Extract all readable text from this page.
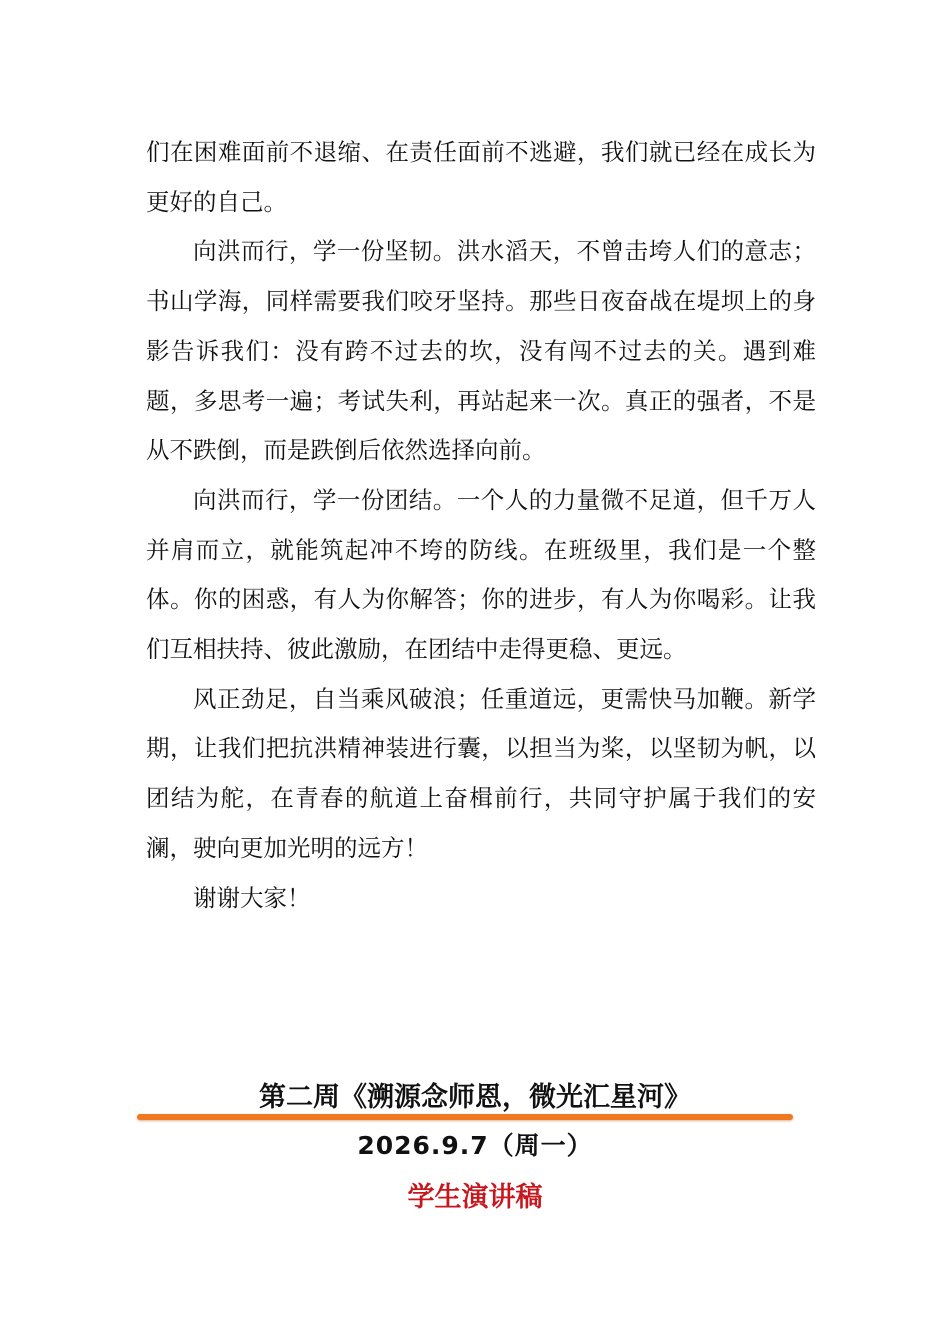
们在困难面前不退缩、在责任面前不逃避，我们就已经在成长为更好的自己。

向洪而行，学一份坚韧。洪水滔天，不曾击垮人们的意志；书山学海，同样需要我们咬牙坚持。那些日夜奋战在堤坝上的身影告诉我们：没有跨不过去的坎，没有闯不过去的关。遇到难题，多思考一遍；考试失利，再站起来一次。真正的强者，不是从不跌倒，而是跌倒后依然选择向前。

向洪而行，学一份团结。一个人的力量微不足道，但千万人并肩而立，就能筑起冲不垮的防线。在班级里，我们是一个整体。你的困惑，有人为你解答；你的进步，有人为你喝彩。让我们互相扶持、彼此激励，在团结中走得更稳、更远。

风正劲足，自当乘风破浪；任重道远，更需快马加鞭。新学期，让我们把抗洪精神装进行囊，以担当为桨，以坚韧为帆，以团结为舵，在青春的航道上奋楫前行，共同守护属于我们的安澜，驶向更加光明的远方！

谢谢大家！

第二周《溯源念师恩，微光汇星河》
2026.9.7（周一）
学生演讲稿
